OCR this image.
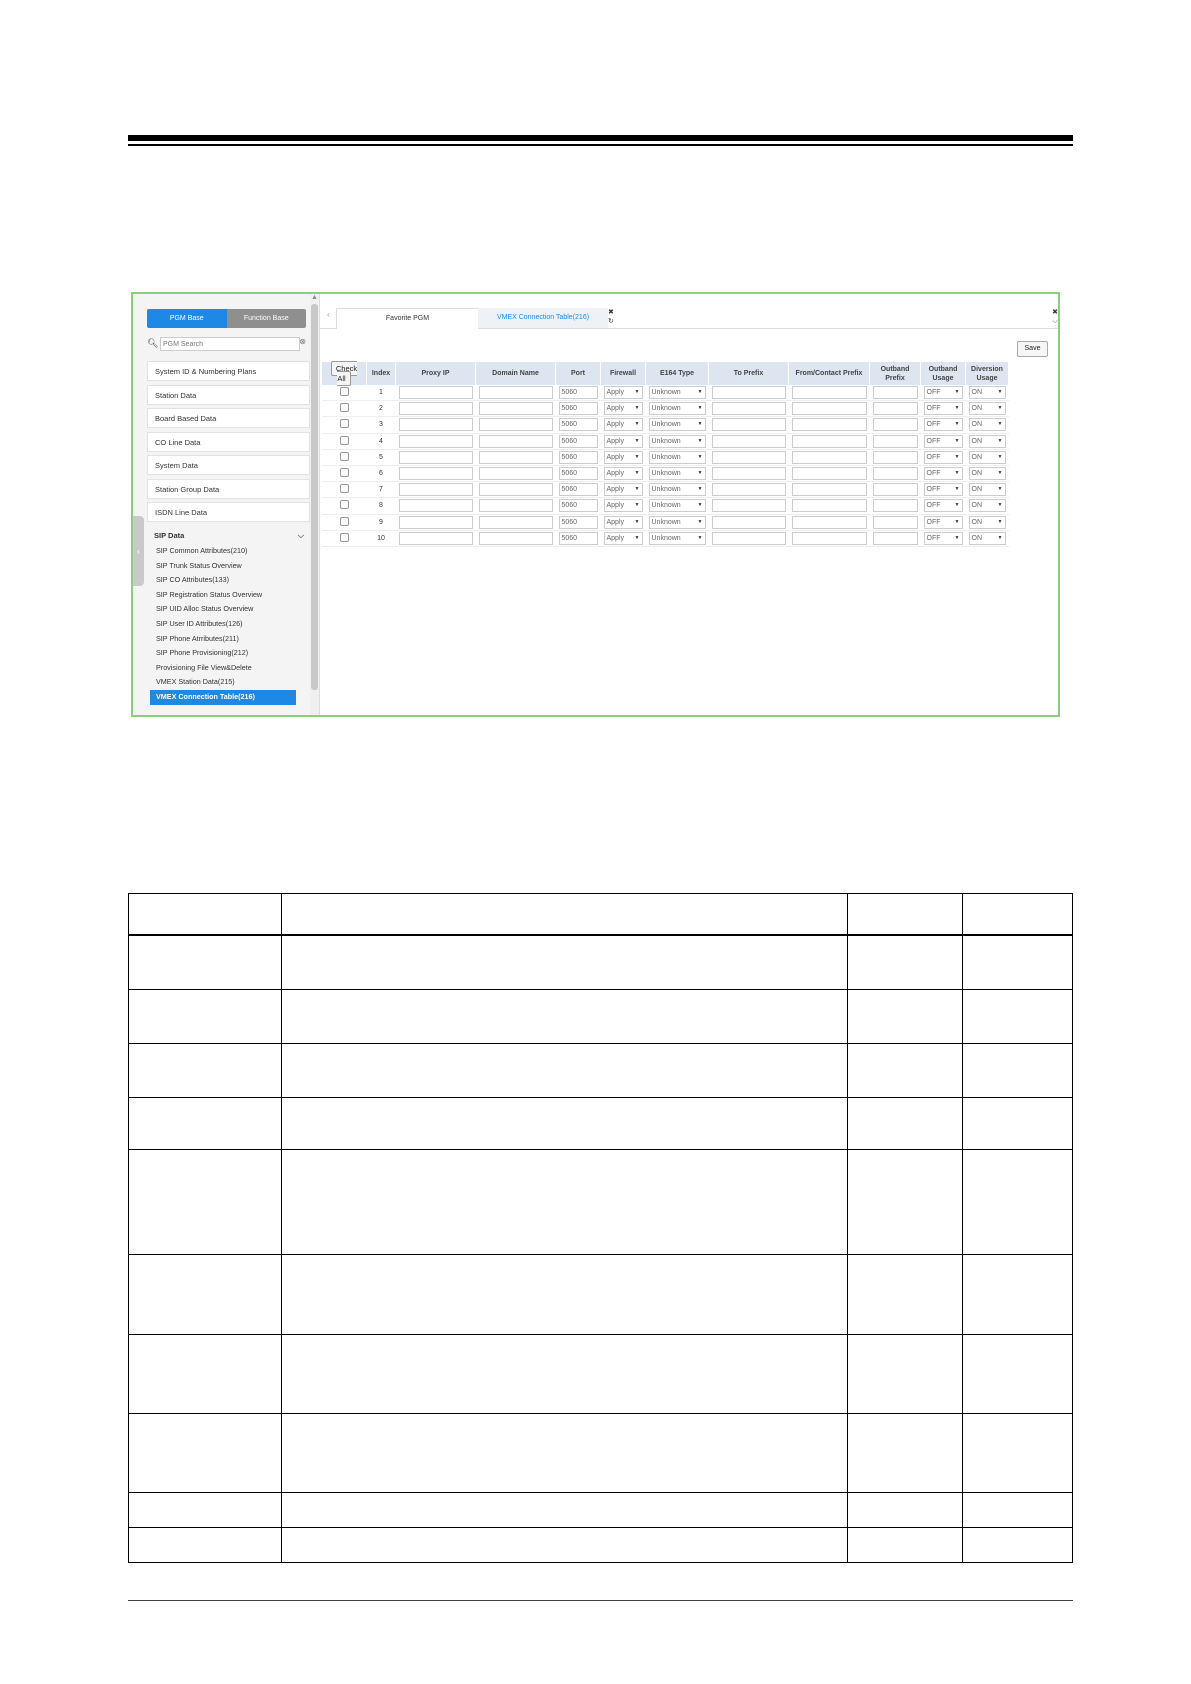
PGM Base	Function Base
🔍︎
PGM Search	⊗
System ID & Numbering Plans
Station Data
Board Based Data
CO Line Data
System Data
Station Group Data
ISDN Line Data
SIP Data	⌵
SIP Common Attributes(210)
SIP Trunk Status Overview
SIP CO Attributes(133)
SIP Registration Status Overview
SIP UID Alloc Status Overview
SIP User ID Attributes(126)
SIP Phone Atrributes(211)
SIP Phone Provisioning(212)
Provisioning File View&Delete
VMEX Station Data(215)
VMEX Connection Table(216)
‹
▲
‹	Favorite PGM	VMEX Connection Table(216)
✖
↻
✖
⌵
Save
Check All	Index	Proxy IP	Domain Name	Port	Firewall	E164 Type	To Prefix	From/Contact Prefix	Outband Prefix	Outband Usage	Diversion Usage
	1			5060	Apply ▼	Unknown ▼				OFF ▼	ON ▼

	2			5060	Apply ▼	Unknown ▼				OFF ▼	ON ▼

	3			5060	Apply ▼	Unknown ▼				OFF ▼	ON ▼

	4			5060	Apply ▼	Unknown ▼				OFF ▼	ON ▼

	5			5060	Apply ▼	Unknown ▼				OFF ▼	ON ▼

	6			5060	Apply ▼	Unknown ▼				OFF ▼	ON ▼

	7			5060	Apply ▼	Unknown ▼				OFF ▼	ON ▼

	8			5060	Apply ▼	Unknown ▼				OFF ▼	ON ▼

	9			5060	Apply ▼	Unknown ▼				OFF ▼	ON ▼

	10			5060	Apply ▼	Unknown ▼				OFF ▼	ON ▼
